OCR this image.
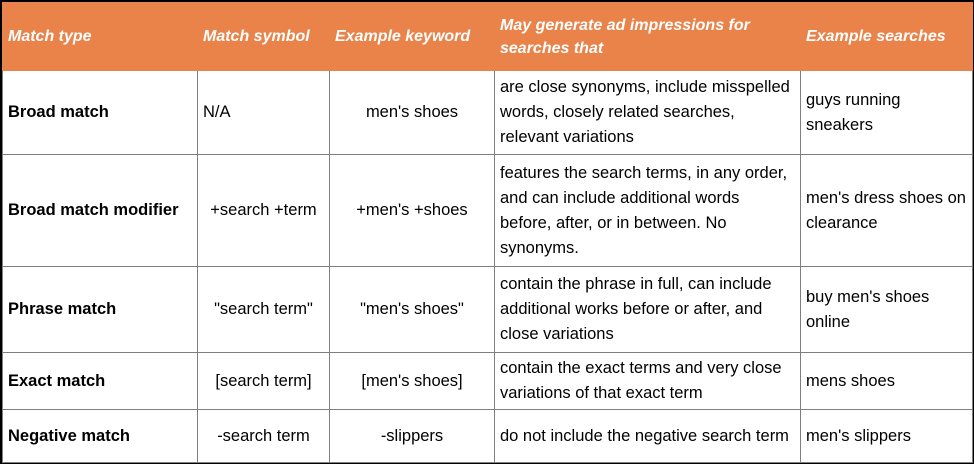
Match type	Match symbol	Example keyword	May generate ad impressions for searches that	Example searches
Broad match	N/A	men's shoes	are close synonyms, include misspelled words, closely related searches, relevant variations	guys running sneakers
Broad match modifier	+search +term	+men's +shoes	features the search terms, in any order, and can include additional words before, after, or in between. No synonyms.	men's dress shoes on clearance
Phrase match	"search term"	"men's shoes"	contain the phrase in full, can include additional works before or after, and close variations	buy men's shoes online
Exact match	[search term]	[men's shoes]	contain the exact terms and very close variations of that exact term	mens shoes
Negative match	-search term	-slippers	do not include the negative search term	men's slippers
